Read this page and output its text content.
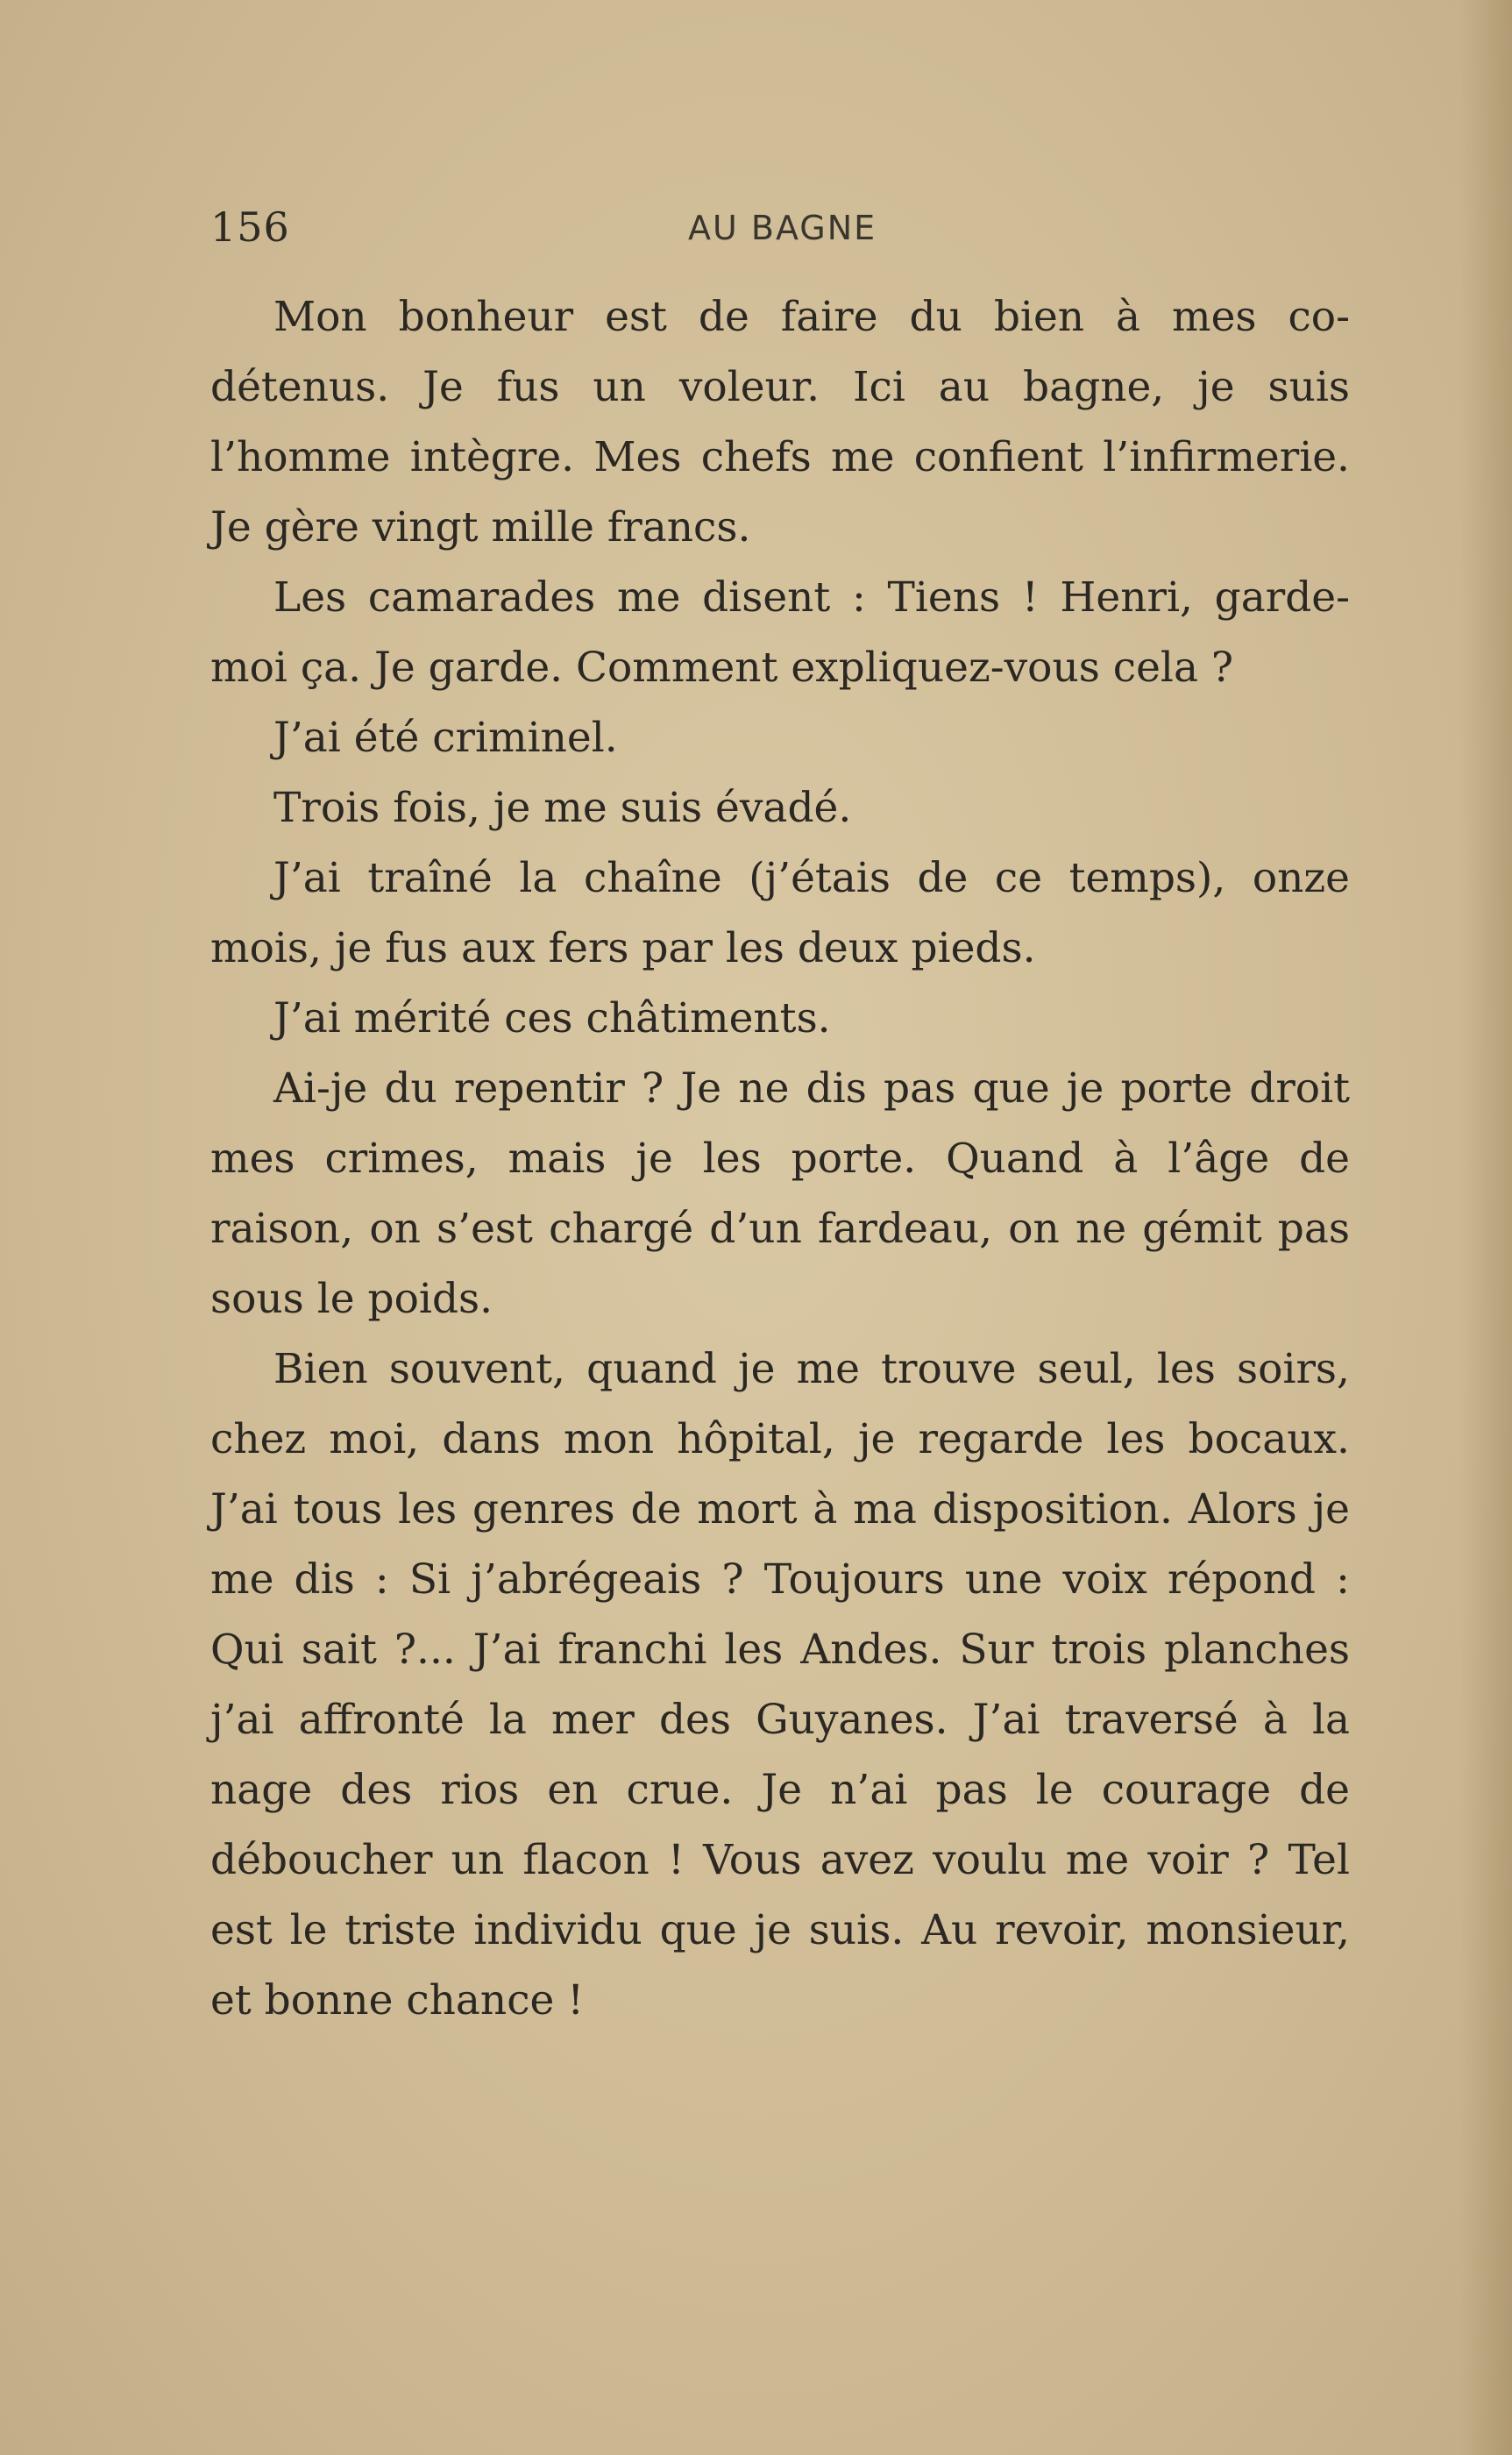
156	AU BAGNE

Mon bonheur est de faire du bien à mes co-détenus. Je fus un voleur. Ici au bagne, je suis l’homme intègre. Mes chefs me confient l’infirmerie. Je gère vingt mille francs.

Les camarades me disent : Tiens ! Henri, garde-moi ça. Je garde. Comment expliquez-vous cela ?

J’ai été criminel.

Trois fois, je me suis évadé.

J’ai traîné la chaîne (j’étais de ce temps), onze mois, je fus aux fers par les deux pieds.

J’ai mérité ces châtiments.

Ai-je du repentir ? Je ne dis pas que je porte droit mes crimes, mais je les porte. Quand à l’âge de raison, on s’est chargé d’un fardeau, on ne gémit pas sous le poids.

Bien souvent, quand je me trouve seul, les soirs, chez moi, dans mon hôpital, je regarde les bocaux. J’ai tous les genres de mort à ma disposition. Alors je me dis : Si j’abrégeais ? Toujours une voix répond : Qui sait ?... J’ai franchi les Andes. Sur trois planches j’ai affronté la mer des Guyanes. J’ai traversé à la nage des rios en crue. Je n’ai pas le courage de déboucher un flacon ! Vous avez voulu me voir ? Tel est le triste individu que je suis. Au revoir, monsieur, et bonne chance !
